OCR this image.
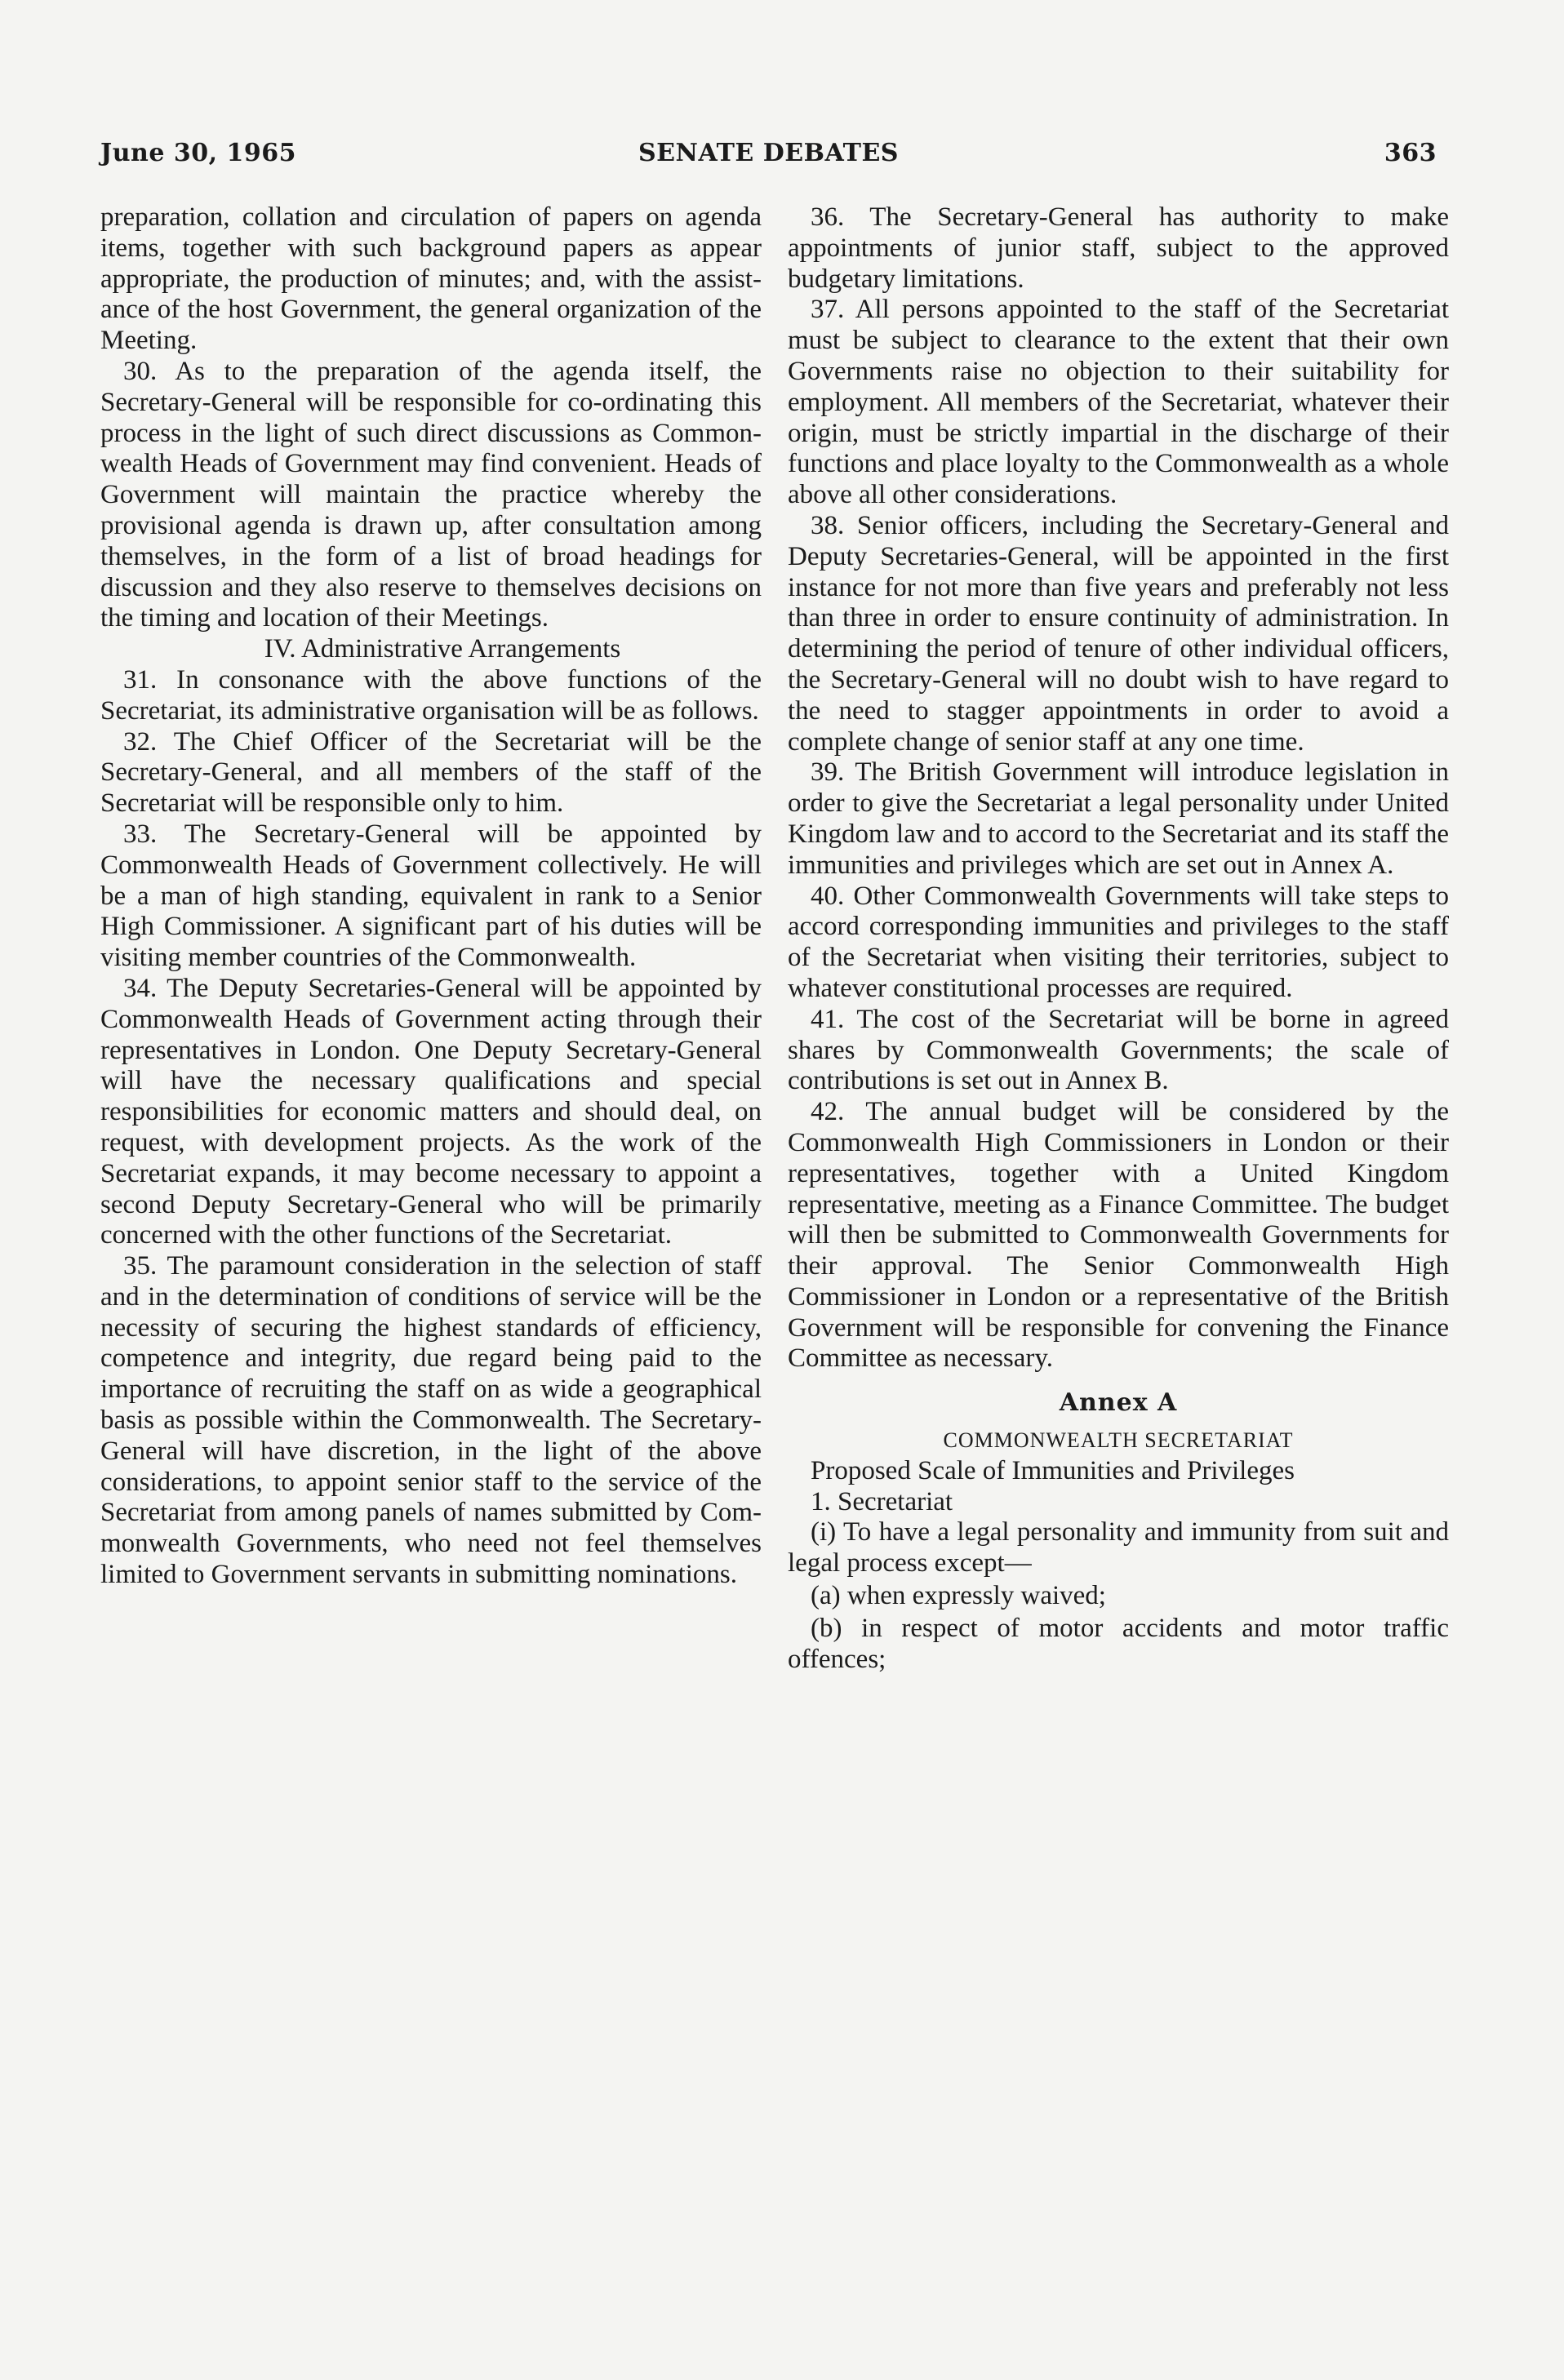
June 30, 1965	SENATE DEBATES	363

preparation, collation and circulation of papers on agenda items, together with such background papers as appear appropriate, the production of minutes; and, with the assistance of the host Government, the general organization of the Meeting.

30. As to the preparation of the agenda itself, the Secretary-General will be responsible for co-ordinating this process in the light of such direct discussions as Commonwealth Heads of Government may find convenient. Heads of Government will maintain the practice whereby the provisional agenda is drawn up, after consultation among themselves, in the form of a list of broad headings for discussion and they also reserve to themselves decisions on the timing and location of their Meetings.

IV. Administrative Arrangements

31. In consonance with the above functions of the Secretariat, its administrative organisation will be as follows.

32. The Chief Officer of the Secretariat will be the Secretary-General, and all members of the staff of the Secretariat will be responsible only to him.

33. The Secretary-General will be appointed by Commonwealth Heads of Government collectively. He will be a man of high standing, equivalent in rank to a Senior High Commissioner. A significant part of his duties will be visiting member countries of the Commonwealth.

34. The Deputy Secretaries-General will be appointed by Commonwealth Heads of Government acting through their representatives in London. One Deputy Secretary-General will have the necessary qualifications and special responsibilities for economic matters and should deal, on request, with development projects. As the work of the Secretariat expands, it may become necessary to appoint a second Deputy Secretary-General who will be primarily concerned with the other functions of the Secretariat.

35. The paramount consideration in the selection of staff and in the determination of conditions of service will be the necessity of securing the highest standards of efficiency, competence and integrity, due regard being paid to the importance of recruiting the staff on as wide a geographical basis as possible within the Commonwealth. The Secretary-General will have discretion, in the light of the above considerations, to appoint senior staff to the service of the Secretariat from among panels of names submitted by Commonwealth Governments, who need not feel themselves limited to Government servants in submitting nominations.

36. The Secretary-General has authority to make appointments of junior staff, subject to the approved budgetary limitations.

37. All persons appointed to the staff of the Secretariat must be subject to clearance to the extent that their own Governments raise no objection to their suitability for employment. All members of the Secretariat, whatever their origin, must be strictly impartial in the discharge of their functions and place loyalty to the Commonwealth as a whole above all other considerations.

38. Senior officers, including the Secretary-General and Deputy Secretaries-General, will be appointed in the first instance for not more than five years and preferably not less than three in order to ensure continuity of administration. In determining the period of tenure of other individual officers, the Secretary-General will no doubt wish to have regard to the need to stagger appointments in order to avoid a complete change of senior staff at any one time.

39. The British Government will introduce legislation in order to give the Secretariat a legal personality under United Kingdom law and to accord to the Secretariat and its staff the immunities and privileges which are set out in Annex A.

40. Other Commonwealth Governments will take steps to accord corresponding immunities and privileges to the staff of the Secretariat when visiting their territories, subject to whatever constitutional processes are required.

41. The cost of the Secretariat will be borne in agreed shares by Commonwealth Governments; the scale of contributions is set out in Annex B.

42. The annual budget will be considered by the Commonwealth High Commissioners in London or their representatives, together with a United Kingdom representative, meeting as a Finance Committee. The budget will then be submitted to Commonwealth Governments for their approval. The Senior Commonwealth High Commissioner in London or a representative of the British Government will be responsible for convening the Finance Committee as necessary.

Annex A
COMMONWEALTH SECRETARIAT

Proposed Scale of Immunities and Privileges

1. Secretariat

(i) To have a legal personality and immunity from suit and legal process except—

(a) when expressly waived;

(b) in respect of motor accidents and motor traffic offences;
